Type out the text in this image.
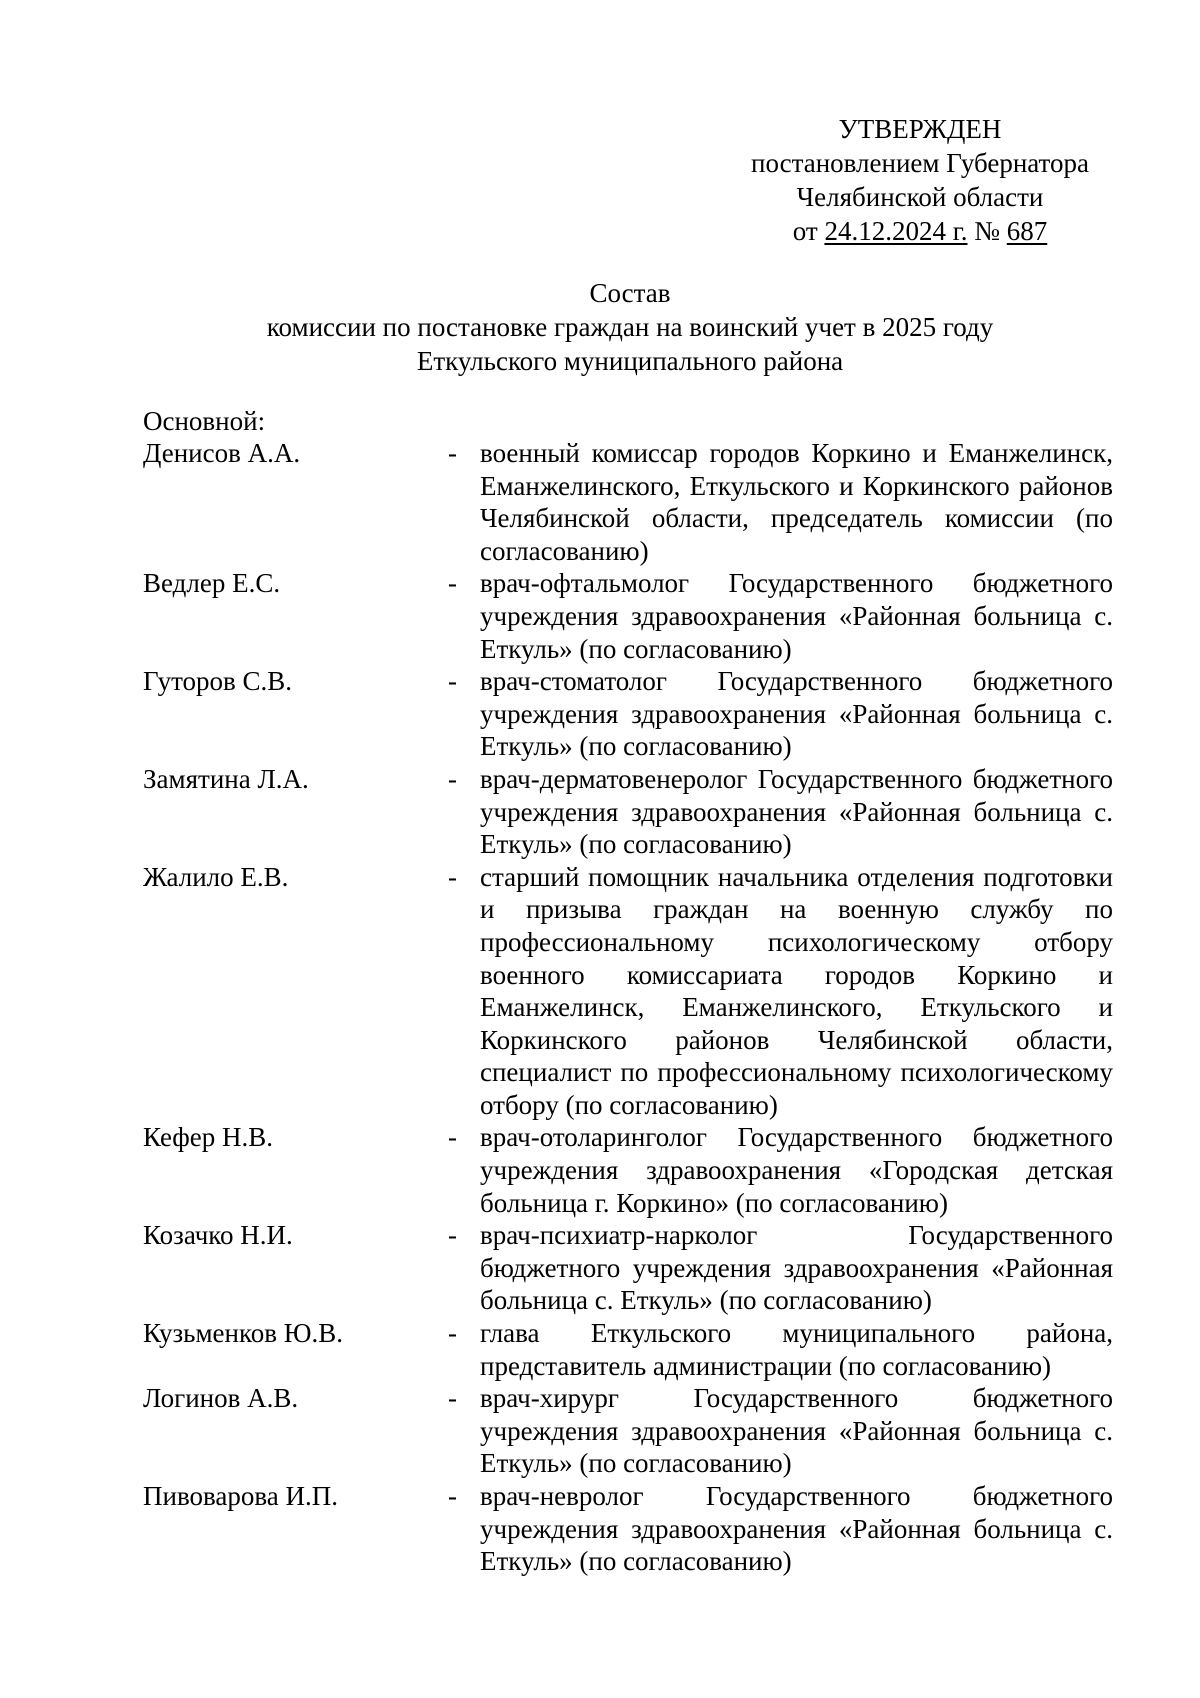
УТВЕРЖДЕН
постановлением Губернатора
Челябинской области
от 24.12.2024 г. № 687
Состав
комиссии по постановке граждан на воинский учет в 2025 году
Еткульского муниципального района
Основной:
Денисов А.А.	- военный комиссар городов Коркино и Еманжелинск, Еманжелинского, Еткульского и Коркинского районов Челябинской области, председатель комиссии (по согласованию)
Ведлер Е.С.	- врач-офтальмолог Государственного бюджетного учреждения здравоохранения «Районная больница с. Еткуль» (по согласованию)
Гуторов С.В.	- врач-стоматолог Государственного бюджетного учреждения здравоохранения «Районная больница с. Еткуль» (по согласованию)
Замятина Л.А.	- врач-дерматовенеролог Государственного бюджетного учреждения здравоохранения «Районная больница с. Еткуль» (по согласованию)
Жалило Е.В.	- старший помощник начальника отделения подготовки и призыва граждан на военную службу по профессиональному психологическому отбору военного комиссариата городов Коркино и Еманжелинск, Еманжелинского, Еткульского и Коркинского районов Челябинской области, специалист по профессиональному психологическому отбору (по согласованию)
Кефер Н.В.	- врач-отоларинголог Государственного бюджетного учреждения здравоохранения «Городская детская больница г. Коркино» (по согласованию)
Козачко Н.И.	- врач-психиатр-нарколог Государственного бюджетного учреждения здравоохранения «Районная больница с. Еткуль» (по согласованию)
Кузьменков Ю.В.	- глава Еткульского муниципального района, представитель администрации (по согласованию)
Логинов А.В.	- врач-хирург Государственного бюджетного учреждения здравоохранения «Районная больница с. Еткуль» (по согласованию)
Пивоварова И.П.	- врач-невролог Государственного бюджетного учреждения здравоохранения «Районная больница с. Еткуль» (по согласованию)
